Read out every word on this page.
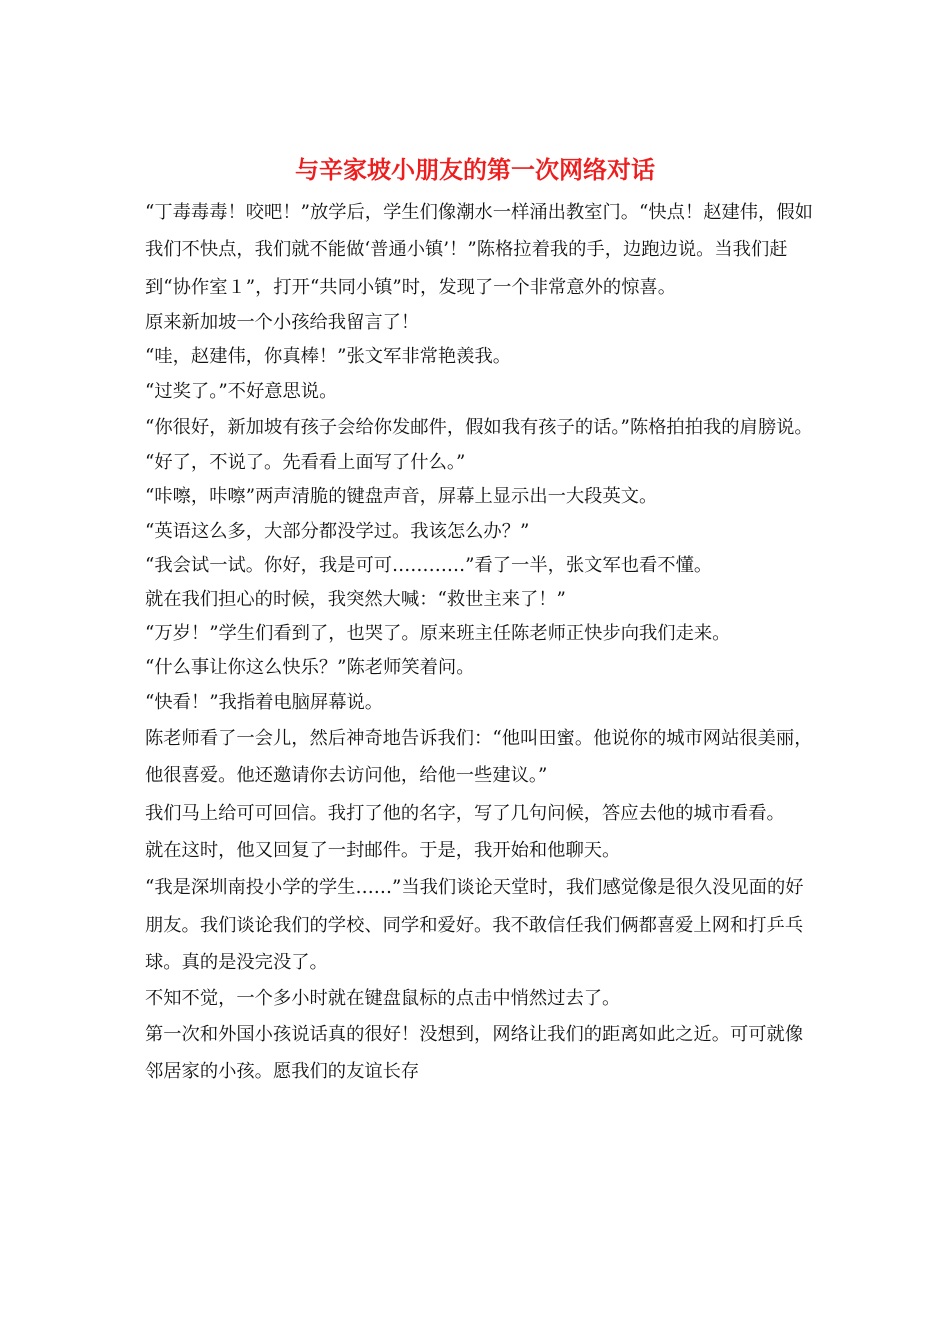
与辛家坡小朋友的第一次网络对话

“丁毒毒毒！咬吧！”放学后，学生们像潮水一样涌出教室门。“快点！赵建伟，假如我们不快点，我们就不能做‘普通小镇’！”陈格拉着我的手，边跑边说。当我们赶到“协作室１”，打开“共同小镇”时，发现了一个非常意外的惊喜。

原来新加坡一个小孩给我留言了！

“哇，赵建伟，你真棒！”张文军非常艳羡我。

“过奖了。”不好意思说。

“你很好，新加坡有孩子会给你发邮件，假如我有孩子的话。”陈格拍拍我的肩膀说。

“好了，不说了。先看看上面写了什么。”

“咔嚓，咔嚓”两声清脆的键盘声音，屏幕上显示出一大段英文。

“英语这么多，大部分都没学过。我该怎么办？”

“我会试一试。你好，我是可可…………”看了一半，张文军也看不懂。

就在我们担心的时候，我突然大喊：“救世主来了！”

“万岁！”学生们看到了，也哭了。原来班主任陈老师正快步向我们走来。

“什么事让你这么快乐？”陈老师笑着问。

“快看！”我指着电脑屏幕说。

陈老师看了一会儿，然后神奇地告诉我们：“他叫田蜜。他说你的城市网站很美丽，他很喜爱。他还邀请你去访问他，给他一些建议。”

我们马上给可可回信。我打了他的名字，写了几句问候，答应去他的城市看看。

就在这时，他又回复了一封邮件。于是，我开始和他聊天。

“我是深圳南投小学的学生……”当我们谈论天堂时，我们感觉像是很久没见面的好朋友。我们谈论我们的学校、同学和爱好。我不敢信任我们俩都喜爱上网和打乒乓球。真的是没完没了。

不知不觉，一个多小时就在键盘鼠标的点击中悄然过去了。

第一次和外国小孩说话真的很好！没想到，网络让我们的距离如此之近。可可就像邻居家的小孩。愿我们的友谊长存
